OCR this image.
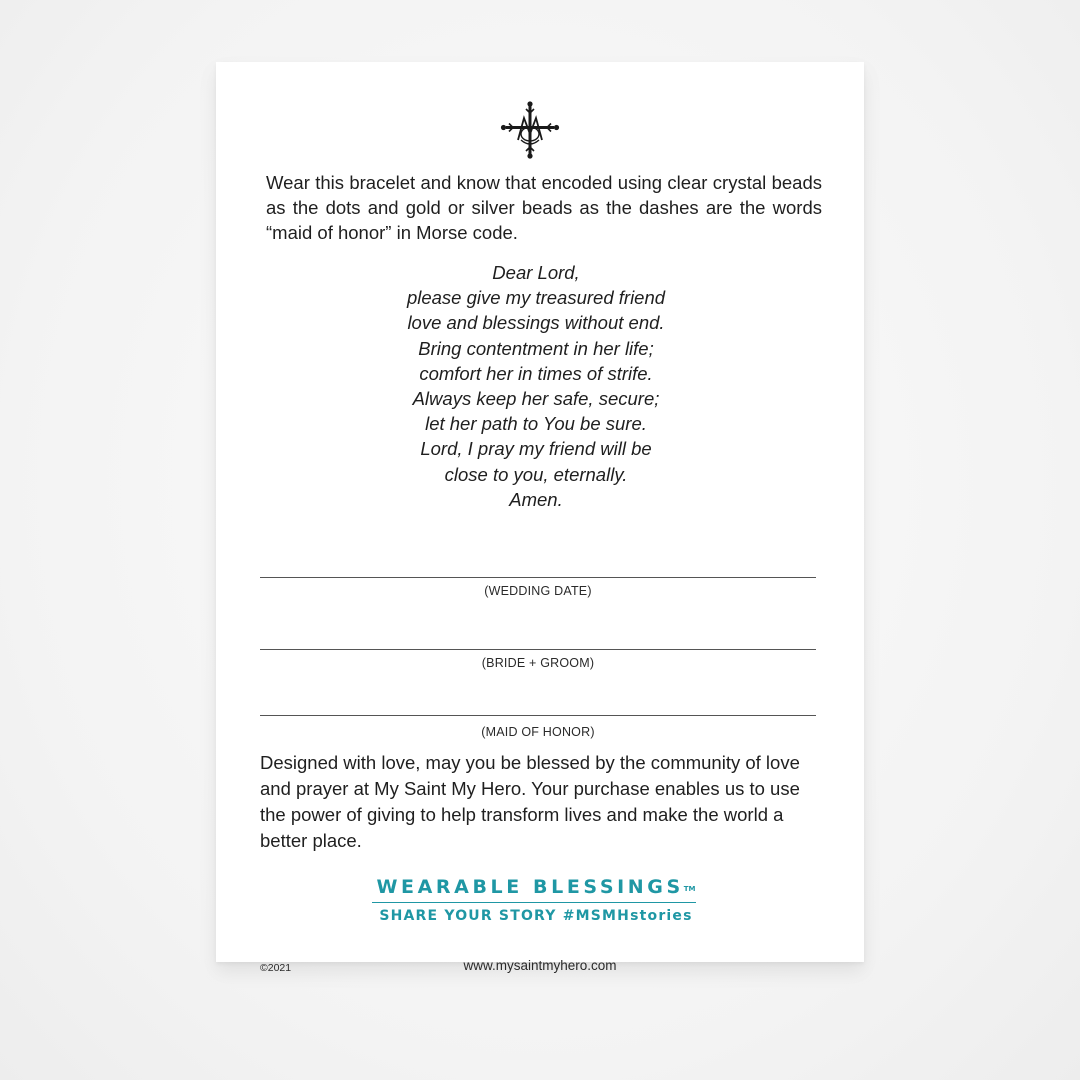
Wear this bracelet and know that encoded using clear crystal beads as the dots and gold or silver beads as the dashes are the words “maid of honor” in Morse code.

Dear Lord,
please give my treasured friend
love and blessings without end.
Bring contentment in her life;
comfort her in times of strife.
Always keep her safe, secure;
let her path to You be sure.
Lord, I pray my friend will be
close to you, eternally.
Amen.
(WEDDING DATE)
(BRIDE + GROOM)
(MAID OF HONOR)

Designed with love, may you be blessed by the community of love and prayer at My Saint My Hero. Your purchase enables us to use the power of giving to help transform lives and make the world a better place.

WEARABLE BLESSINGS™
SHARE YOUR STORY #MSMHstories
©2021	www.mysaintmyhero.com
